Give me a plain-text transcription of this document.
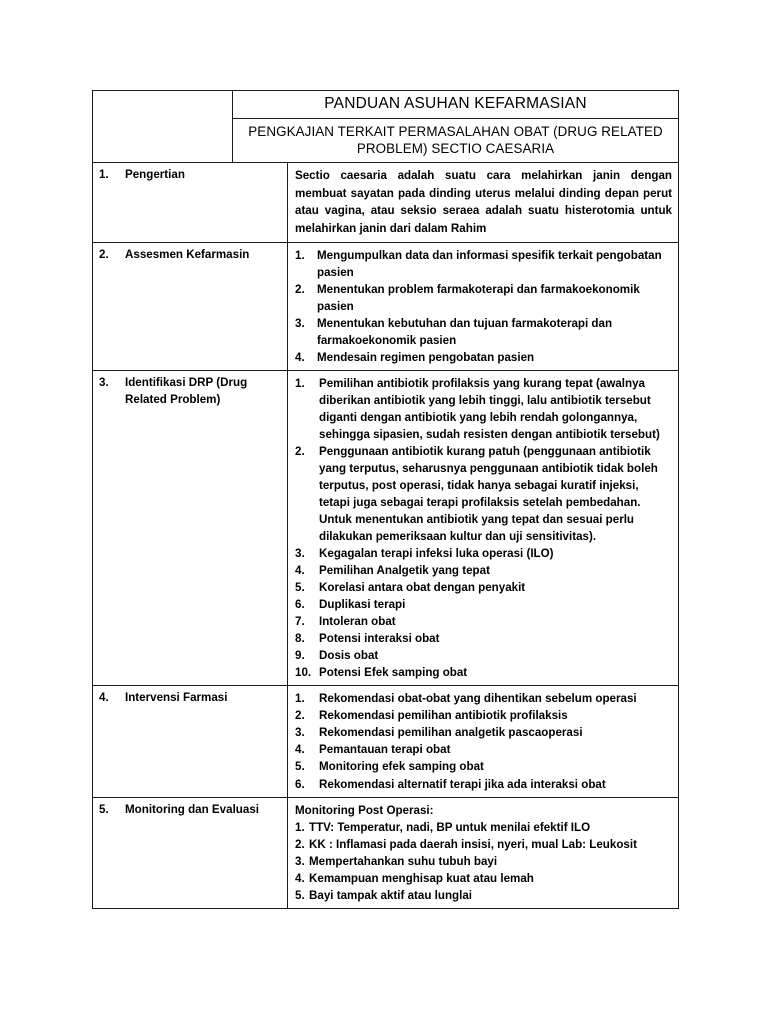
	PANDUAN ASUHAN KEFARMASIAN	
	PENGKAJIAN TERKAIT PERMASALAHAN OBAT (DRUG RELATED PROBLEM) SECTIO CAESARIA	

1. Pengertian		Sectio caesaria adalah suatu cara melahirkan janin dengan membuat sayatan pada dinding uterus melalui dinding depan perut atau vagina, atau seksio seraea adalah suatu histerotomia untuk melahirkan janin dari dalam Rahim

2.	Assesmen Kefarmasin	1.	Mengumpulkan data dan informasi spesifik terkait pengobatan pasien
2.	Menentukan problem farmakoterapi dan farmakoekonomik pasien
3.	Menentukan kebutuhan dan tujuan farmakoterapi dan farmakoekonomik pasien
4.	Mendesain regimen pengobatan pasien

3.	Identifikasi DRP (Drug Related Problem)

1.	Pemilihan antibiotik profilaksis yang kurang tepat (awalnya diberikan antibiotik yang lebih tinggi, lalu antibiotik tersebut diganti dengan antibiotik yang lebih rendah golongannya, sehingga sipasien, sudah resisten dengan antibiotik tersebut)
2.	Penggunaan antibiotik kurang patuh (penggunaan antibiotik yang terputus, seharusnya penggunaan antibiotik tidak boleh terputus, post operasi, tidak hanya sebagai kuratif injeksi, tetapi juga sebagai terapi profilaksis setelah pembedahan. Untuk menentukan antibiotik yang tepat dan sesuai perlu dilakukan pemeriksaan kultur dan uji sensitivitas).
3.	Kegagalan terapi infeksi luka operasi (ILO)
4.	Pemilihan Analgetik yang tepat
5.	Korelasi antara obat dengan penyakit
6.	Duplikasi terapi
7.	Intoleran obat
8.	Potensi interaksi obat
9.	Dosis obat
10. Potensi Efek samping obat

4.	Intervensi Farmasi	1.	Rekomendasi obat-obat yang dihentikan sebelum operasi
2.	Rekomendasi pemilihan antibiotik profilaksis
3.	Rekomendasi pemilihan analgetik pascaoperasi
4.	Pemantauan terapi obat
5.	Monitoring efek samping obat
6.	Rekomendasi alternatif terapi jika ada interaksi obat

5.	Monitoring dan Evaluasi	Monitoring Post Operasi:
1. TTV: Temperatur, nadi, BP untuk menilai efektif ILO
2. KK : Inflamasi pada daerah insisi, nyeri, mual Lab: Leukosit
3. Mempertahankan suhu tubuh bayi
4. Kemampuan menghisap kuat atau lemah
5. Bayi tampak aktif atau lunglai
